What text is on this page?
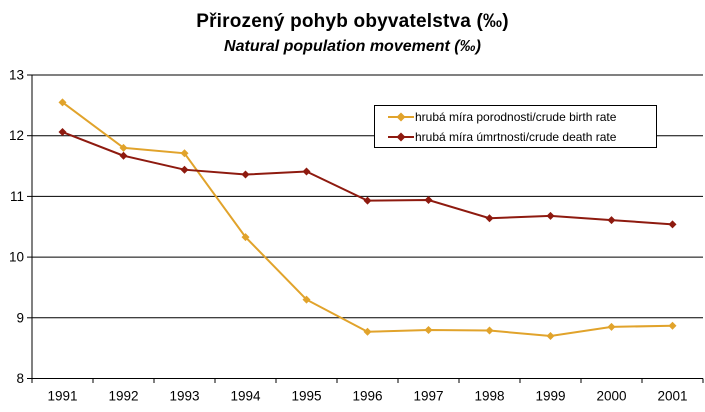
Přirozený pohyb obyvatelstva (‰)
Natural population movement (‰)
8
9
10
11
12
13
1991 1992 1993 1994 1995 1996 1997 1998 1999 2000 2001
hrubá míra porodnosti/crude birth rate
hrubá míra úmrtnosti/crude death rate
